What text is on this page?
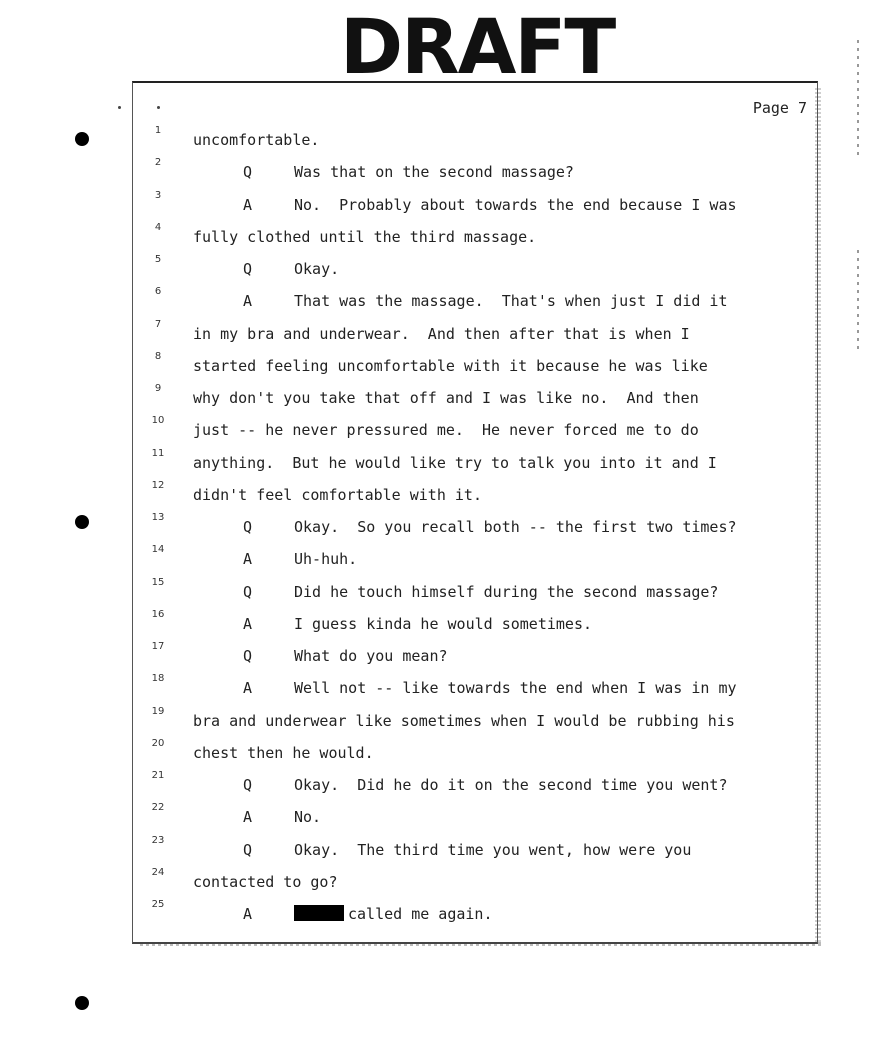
DRAFT
Page 7
1
uncomfortable.
2
Q	Was that on the second massage?
3
A	No.  Probably about towards the end because I was
4
fully clothed until the third massage.
5
Q	Okay.
6
A	That was the massage.  That's when just I did it
7
in my bra and underwear.  And then after that is when I
8
started feeling uncomfortable with it because he was like
9
why don't you take that off and I was like no.  And then
10
just -- he never pressured me.  He never forced me to do
11
anything.  But he would like try to talk you into it and I
12
didn't feel comfortable with it.
13
Q	Okay.  So you recall both -- the first two times?
14
A	Uh-huh.
15
Q	Did he touch himself during the second massage?
16
A	I guess kinda he would sometimes.
17
Q	What do you mean?
18
A	Well not -- like towards the end when I was in my
19
bra and underwear like sometimes when I would be rubbing his
20
chest then he would.
21
Q	Okay.  Did he do it on the second time you went?
22
A	No.
23
Q	Okay.  The third time you went, how were you
24
contacted to go?
25
A	called me again.
